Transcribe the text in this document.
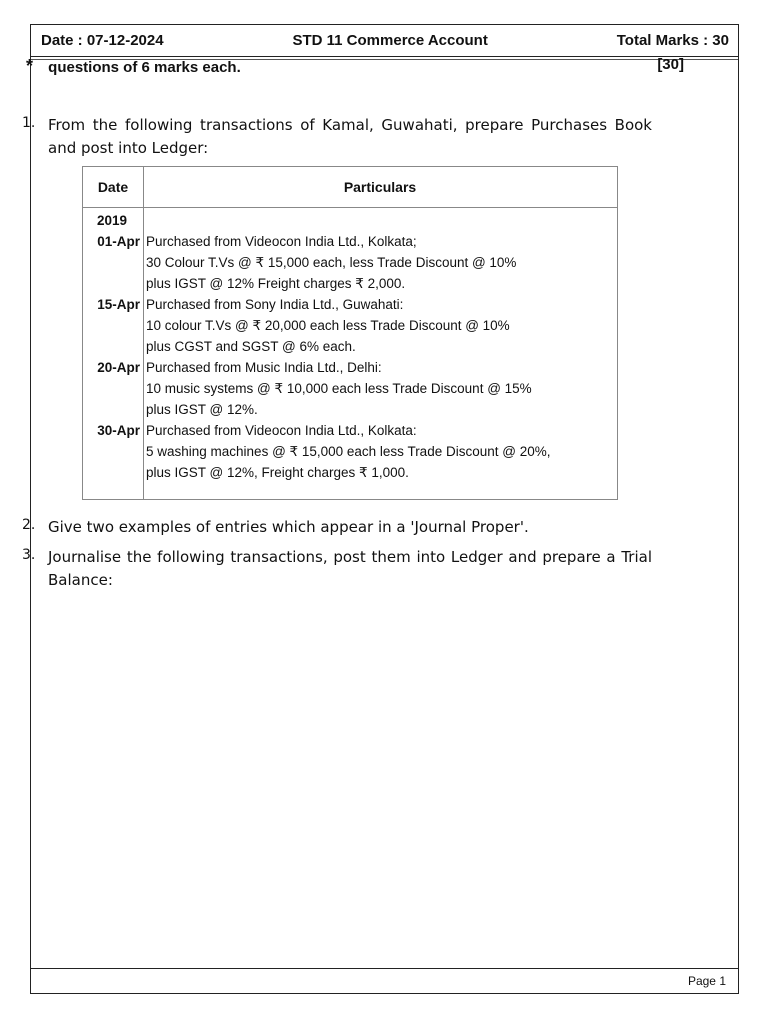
Date : 07-12-2024	STD 11 Commerce Account	Total Marks : 30
Page 1
* questions of 6 marks each.	[30]
1. From the following transactions of Kamal, Guwahati, prepare Purchases Book and post into Ledger:
Date	Particulars
2019
01-Apr Purchased from Videocon India Ltd., Kolkata;
30 Colour T.Vs @ ₹ 15,000 each, less Trade Discount @ 10%
plus IGST @ 12% Freight charges ₹ 2,000.
15-Apr Purchased from Sony India Ltd., Guwahati:
10 colour T.Vs @ ₹ 20,000 each less Trade Discount @ 10%
plus CGST and SGST @ 6% each.
20-Apr Purchased from Music India Ltd., Delhi:
10 music systems @ ₹ 10,000 each less Trade Discount @ 15%
plus IGST @ 12%.
30-Apr Purchased from Videocon India Ltd., Kolkata:
5 washing machines @ ₹ 15,000 each less Trade Discount @ 20%,
plus IGST @ 12%, Freight charges ₹ 1,000.
2. Give two examples of entries which appear in a 'Journal Proper'.
3. Journalise the following transactions, post them into Ledger and prepare a Trial Balance:
